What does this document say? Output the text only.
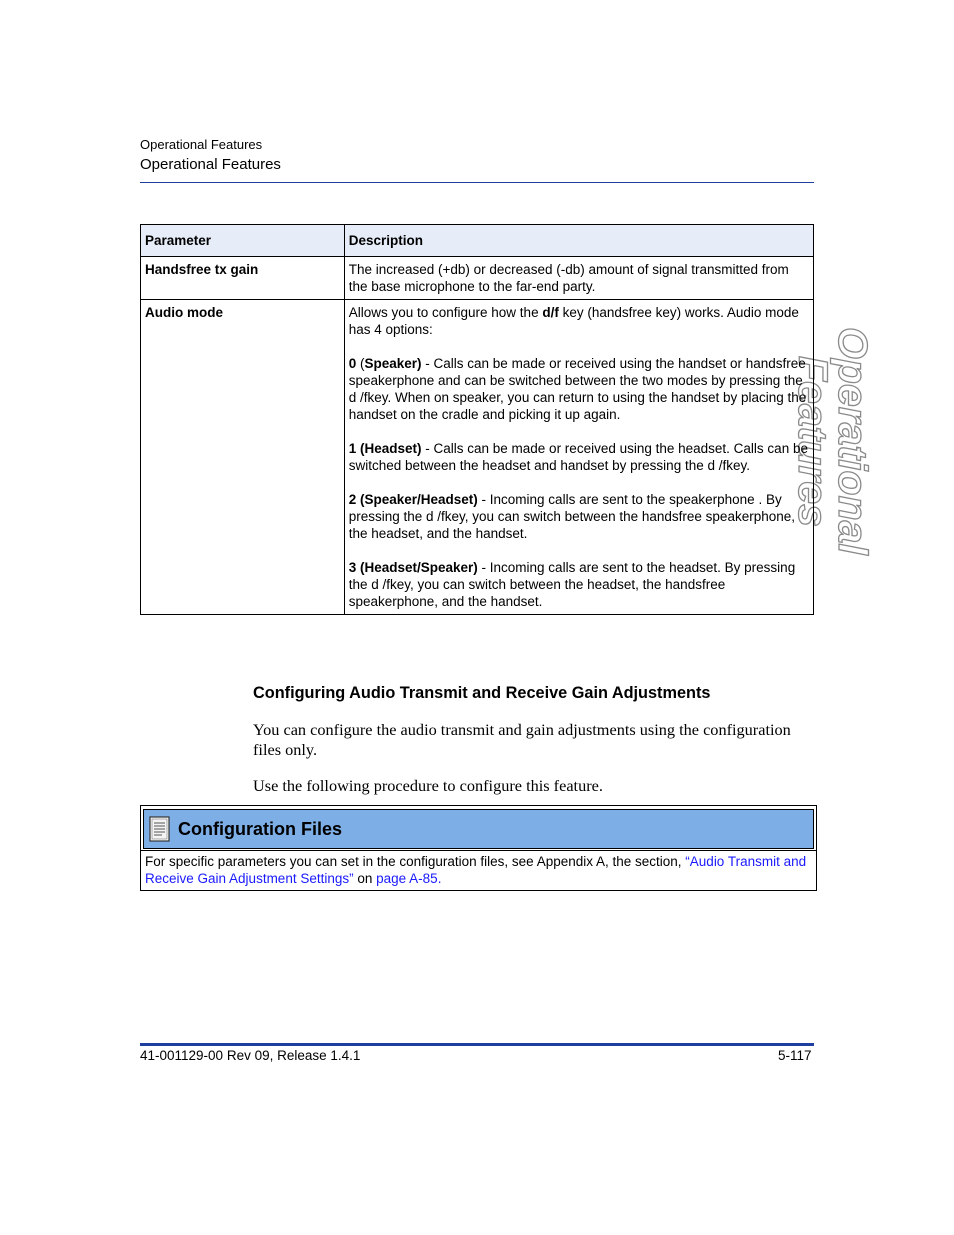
Operational Features
Operational Features
Operational Features
Parameter	Description
Handsfree tx gain	The increased (+db) or decreased (-db) amount of signal transmitted from the base microphone to the far-end party.
Audio mode	Allows you to configure how the d/f key (handsfree key) works. Audio mode has 4 options:

0 (Speaker) - Calls can be made or received using the handset or handsfree speakerphone and can be switched between the two modes by pressing the d /fkey. When on speaker, you can return to using the handset by placing the handset on the cradle and picking it up again.

1 (Headset) - Calls can be made or received using the headset. Calls can be switched between the headset and handset by pressing the d /fkey.

2 (Speaker/Headset) - Incoming calls are sent to the speakerphone . By pressing the d /fkey, you can switch between the handsfree speakerphone, the headset, and the handset.

3 (Headset/Speaker) - Incoming calls are sent to the headset. By pressing the d /fkey, you can switch between the headset, the handsfree speakerphone, and the handset.

Configuring Audio Transmit and Receive Gain Adjustments
You can configure the audio transmit and gain adjustments using the configuration files only.
Use the following procedure to configure this feature.
Configuration Files
For specific parameters you can set in the configuration files, see Appendix A, the section, “Audio Transmit and Receive Gain Adjustment Settings” on page A-85.
41-001129-00 Rev 09, Release 1.4.1	5-117
